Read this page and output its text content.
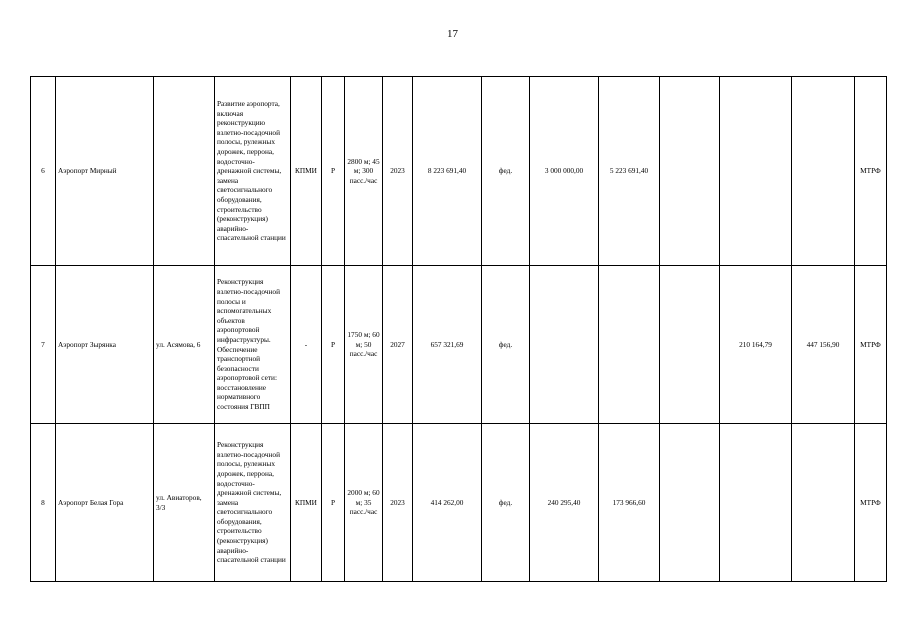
17
6	Аэропорт Мирный		Развитие аэропорта, включая реконструкцию взлетно-посадочной полосы, рулежных дорожек, перрона, водосточно-дренажной системы, замена светосигнального оборудования, строительство (реконструкция) аварийно-спасательной станции	КПМИ	Р	2800 м; 45 м; 300 пасс./час	2023	8 223 691,40	фед.	3 000 000,00	5 223 691,40				МТРФ
7	Аэропорт Зырянка	ул. Асямова, 6	Реконструкция взлетно-посадочной полосы и вспомогательных объектов аэропортовой инфраструктуры. Обеспечение транспортной безопасности аэропортовой сети: восстановление нормативного состояния ГВПП	-	Р	1750 м; 60 м; 50 пасс./час	2027	657 321,69	фед.				210 164,79	447 156,90	МТРФ
8	Аэропорт Белая Гора	ул. Авиаторов, 3/3	Реконструкция взлетно-посадочной полосы, рулежных дорожек, перрона, водосточно-дренажной системы, замена светосигнального оборудования, строительство (реконструкция) аварийно-спасательной станции	КПМИ	Р	2000 м; 60 м; 35 пасс./час	2023	414 262,00	фед.	240 295,40	173 966,60				МТРФ
